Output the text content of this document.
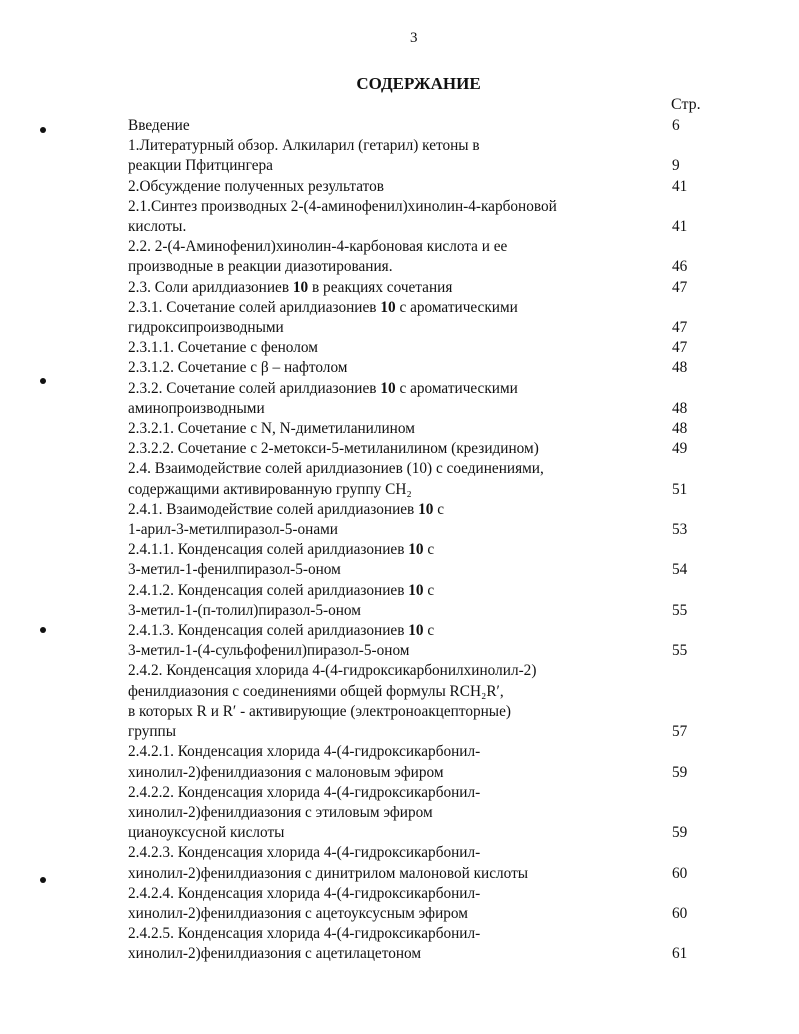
3
СОДЕРЖАНИЕ
Стр.
Введение	6
1.Литературный обзор. Алкиларил (гетарил) кетоны в
реакции Пфитцингера	9
2.Обсуждение полученных результатов	41
2.1.Синтез производных 2-(4-аминофенил)хинолин-4-карбоновой
кислоты.	41
2.2. 2-(4-Аминофенил)хинолин-4-карбоновая кислота и ее
производные в реакции диазотирования.	46
2.3. Соли арилдиазониев 10 в реакциях сочетания	47
2.3.1. Сочетание солей арилдиазониев 10 с ароматическими
гидроксипроизводными	47
2.3.1.1. Сочетание с фенолом	47
2.3.1.2. Сочетание с β – нафтолом	48
2.3.2. Сочетание солей арилдиазониев 10 с ароматическими
аминопроизводными	48
2.3.2.1. Сочетание с N, N-диметиланилином	48
2.3.2.2. Сочетание с 2-метокси-5-метиланилином (крезидином)	49
2.4. Взаимодействие солей арилдиазониев (10) с соединениями,
содержащими активированную группу CH₂	51
2.4.1. Взаимодействие солей арилдиазониев 10 с
1-арил-3-метилпиразол-5-онами	53
2.4.1.1. Конденсация солей арилдиазониев 10 с
3-метил-1-фенилпиразол-5-оном	54
2.4.1.2. Конденсация солей арилдиазониев 10 с
3-метил-1-(п-толил)пиразол-5-оном	55
2.4.1.3. Конденсация солей арилдиазониев 10 с
3-метил-1-(4-сульфофенил)пиразол-5-оном	55
2.4.2. Конденсация хлорида 4-(4-гидроксикарбонилхинолил-2)
фенилдиазония с соединениями общей формулы RCH₂R′,
в которых R и R′ - активирующие (электроноакцепторные)
группы	57
2.4.2.1. Конденсация хлорида 4-(4-гидроксикарбонил-
хинолил-2)фенилдиазония с малоновым эфиром	59
2.4.2.2. Конденсация хлорида 4-(4-гидроксикарбонил-
хинолил-2)фенилдиазония с этиловым эфиром
цианоуксусной кислоты	59
2.4.2.3. Конденсация хлорида 4-(4-гидроксикарбонил-
хинолил-2)фенилдиазония с динитрилом малоновой кислоты	60
2.4.2.4. Конденсация хлорида 4-(4-гидроксикарбонил-
хинолил-2)фенилдиазония с ацетоуксусным эфиром	60
2.4.2.5. Конденсация хлорида 4-(4-гидроксикарбонил-
хинолил-2)фенилдиазония с ацетилацетоном	61
